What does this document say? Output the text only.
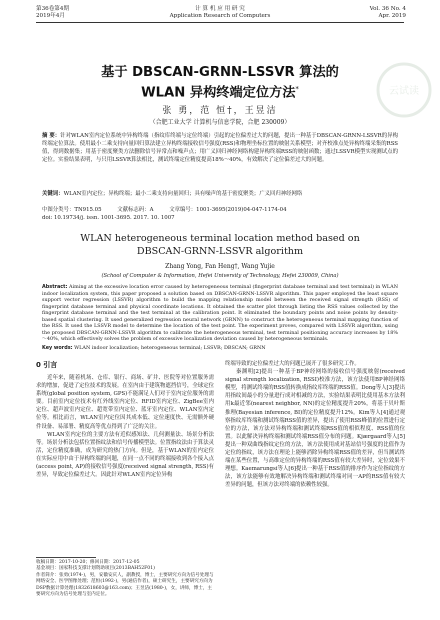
第36卷第4期
2019年4月
计 算 机 应 用 研 究
Application Research of Computers
Vol. 36 No. 4
Apr. 2019
基于 DBSCAN-GRNN-LSSVR 算法的
WLAN 异构终端定位方法*
张 勇，范 恒†，王昱洁
（合肥工业大学 计算机与信息学院，合肥 230009）

摘 要：针对WLAN室内定位系统中异构终端（指纹库终端与定位终端）引起的定位偏差过大的问题，提出一种基于DBSCAN-GRNN-LSSVR的异构终端定位算法。使用最小二乘支持向量回归算法建立异构终端接收信号强度(RSS)和物理坐标位置的映射关系模型；对齐校准点处异构终端采集的RSS值，得到数据集；用基于密度聚类方法删除信号异常点和噪声点；用广义回归神经网络构建异构终端RSS的映射函数；通过LSSVR模型实现测试点的定位。实验结果表明，与只用LSSVR算法相比，测试终端定位精度提高18%～40%，有效解决了定位偏差过大的问题。

关键词：WLAN室内定位；异构终端；最小二乘支持向量回归；具有噪声的基于密度聚类；广义回归神经网络

中图分类号：TN915.05	文献标志码：A	文章编号：1001-3695(2019)04-047-1174-04
doi: 10.19734/j. issn. 1001-3695. 2017. 10. 1007
WLAN heterogeneous terminal location method based on
DBSCAN-GRNN-LSSVR algorithm
Zhang Yong, Fan Heng†, Wang Yujie
(School of Computer & Information, Hefei University of Technology, Hefei 230009, China)

Abstract: Aiming at the excessive location error caused by heterogeneous terminal (fingerprint database terminal and test terminal) in WLAN indoor localization system, this paper proposed a solution based on DBSCAN-GRNN-LSSVR algorithm. This paper employed the least square support vector regression (LSSVR) algorithm to build the mapping relationship model between the received signal strength (RSS) of fingerprint database terminal and physical coordinate locations. It obtained the scatter plot through listing the RSS values collected by the fingerprint database terminal and the test terminal at the calibration point. It eliminated the boundary points and noise points by density-based spatial clustering. It used generalized regression neural network (GRNN) to construct the heterogeneous terminal mapping function of the RSS. It used the LSSVR model to determine the location of the test point. The experiment proves, compared with LSSVR algorithm, using the proposed DBSCAN-GRNN-LSSVR algorithm to calibrate the heterogeneous terminal, test terminal positioning accuracy increases by 18%～40%, which effectively solves the problem of excessive localization deviation caused by heterogeneous terminals.

Key words: WLAN indoor localization; heterogeneous terminal; LSSVR; DBSCAN; GRNN

0 引言

近年来，随着机场、仓库、银行、商场、矿井、医院等对位置服务需求的增加，促进了定位技术的发展。在室内由于建筑物遮挡信号，全球定位系统(global position system, GPS)不能满足人们对于室内定位服务的需要。目前室内定位技术有红外线室内定位、RFID室内定位、ZigBee室内定位、超声波室内定位、超宽带室内定位、蓝牙室内定位、WLAN室内定位等。相比而言，WLAN室内定位因其成本低、定位速度快、无需额外硬件设备、易部署、精度高等优点得到了广泛的关注。

WLAN室内定位的主要方法有近似感知法、几何测量法、场景分析法等。场景分析法包括位置指纹法和信号传播模型法。位置指纹法由于算法灵活，定位精度准确，成为研究的热门方向。但是，基于WLAN的室内定位在实际应用中由于异构终端的问题，在同一点不同的终端接收到各个接入点(access point, AP)的接收信号强度(received signal strength, RSS)有差异，导致定位偏差过大。因此针对WLAN室内定位异构

终端导致的定位偏差过大的问题已展开了很多研究工作。

秦渊明[2]提出一种基于BP神经网络的接收信号强度映射(received signal strength localization, RSSI)校准方法，该方法使用BP神经网络模型，将测试终端的RSS值转换成指纹库终端的RSS值。Dong等人[3]提出用指纹间最小的分量进行成对相减的方法，实验结果表明比使用基本方法利用k最近邻(nearest neighbor, NN)的定位精度提升20%，将基于贝叶斯推理(Bayesian inference, BI)的定位精度提升12%。Kim等人[4]通过观察指纹库终端和测试终端RSS值的差异，提出了使用RSS峰值的位置进行定位的方法，该方法对异构终端和测试终端RSS值的相似程度、RSS值的位置。以此解决异构终端和测试终端RSS值分布的问题。Kjærgaard等人[5]提出一种双曲线指纹定位的方法，该方法使用成对基站信号强度的比值作为定位的指纹，该方法在理论上能够消除异构终端RSS值的差异，但当测试终端在某些位置，与高维定位的异构终端的RSS值有较大差异时，定位效果不理想。Kaemarungsi等人[6]提出一种基于RSS值的排序作为定位指纹的方法，该方法能够有效地解决异构终端和测试终端对同一AP的RSS值有较大差异的问题，但该方法对终端的依赖性较强。

收稿日期：2017-10-20；修回日期：2017-12-05
基金项目：国家科技支撑计划资助项目(2013BAH52F01)
作者简介：张勇(1974-)，男，安徽安庆人，副教授，博士，主要研究方向为信号处理与网络安全、医学图像处理；范恒(1992-)，男(通信作者)，硕士研究生，主要研究方向为DSP数据计算处理(1832618603@163.com)；王昱洁(1980-)，女，讲师，博士，主要研究方向为信号处理与室内定位。
云试读
